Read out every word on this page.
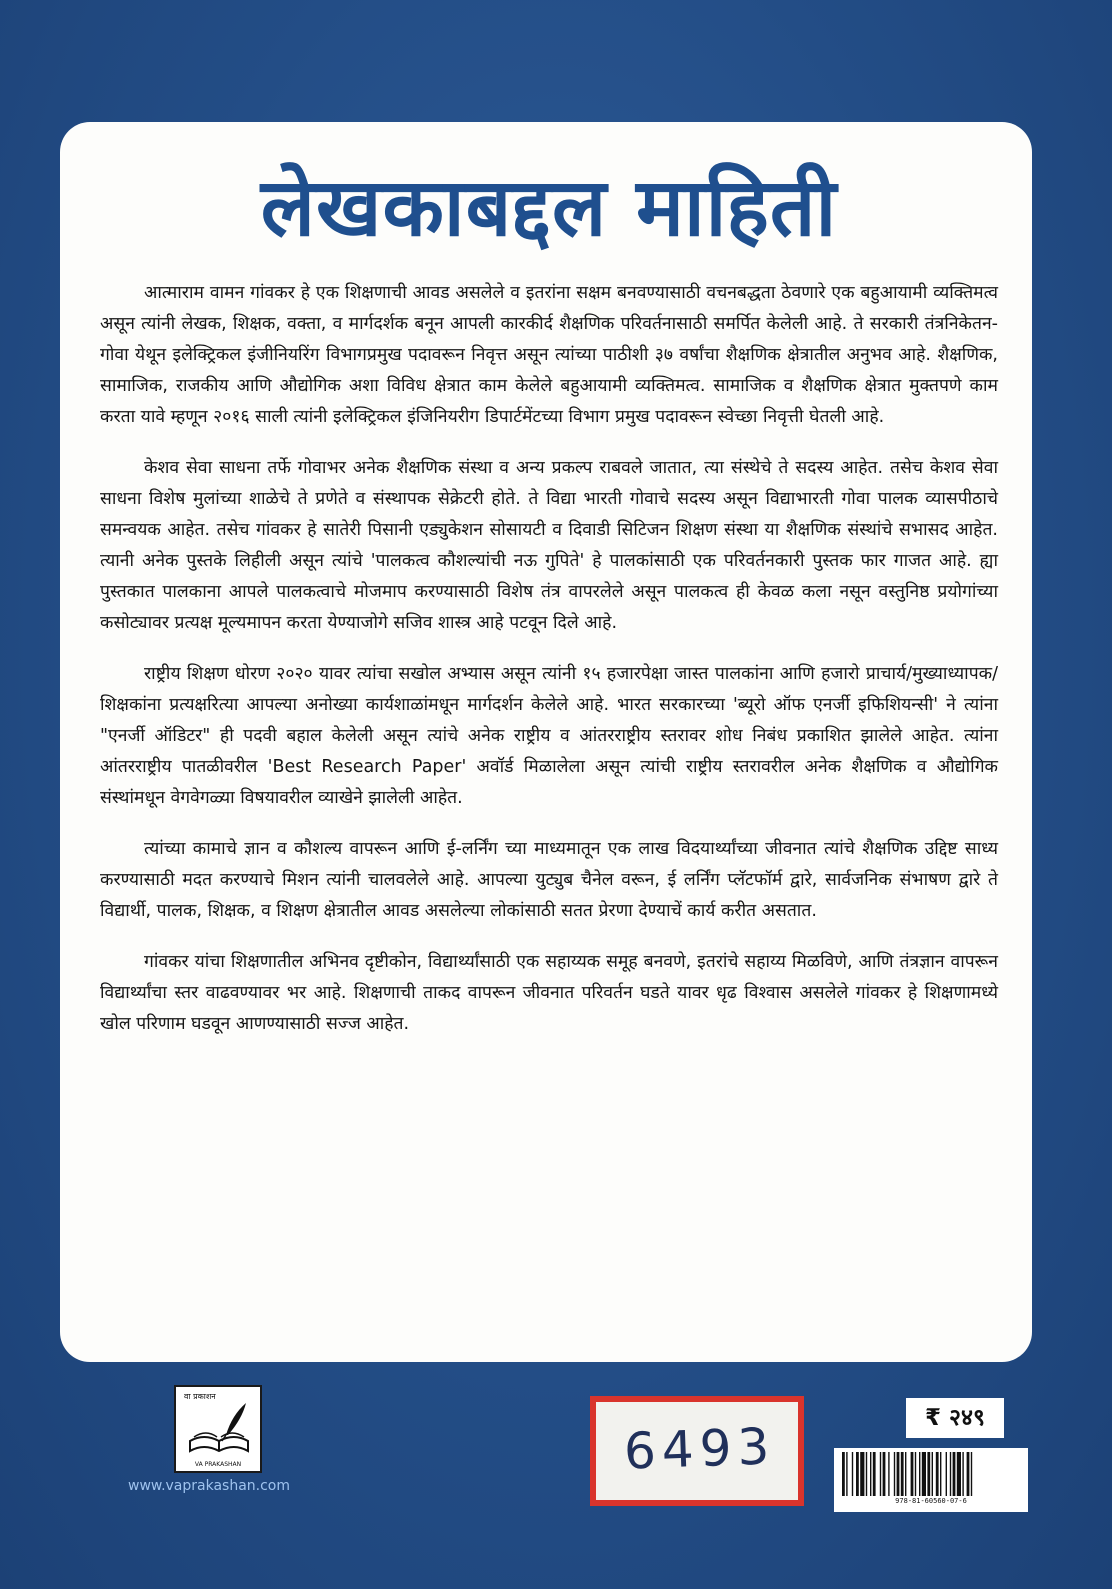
लेखकाबद्दल माहिती

आत्माराम वामन गांवकर हे एक शिक्षणाची आवड असलेले व इतरांना सक्षम बनवण्यासाठी वचनबद्धता ठेवणारे एक बहुआयामी व्यक्तिमत्व असून त्यांनी लेखक, शिक्षक, वक्ता, व मार्गदर्शक बनून आपली कारकीर्द शैक्षणिक परिवर्तनासाठी समर्पित केलेली आहे. ते सरकारी तंत्रनिकेतन-गोवा येथून इलेक्ट्रिकल इंजीनियरिंग विभागप्रमुख पदावरून निवृत्त असून त्यांच्या पाठीशी ३७ वर्षांचा शैक्षणिक क्षेत्रातील अनुभव आहे. शैक्षणिक, सामाजिक, राजकीय आणि औद्योगिक अशा विविध क्षेत्रात काम केलेले बहुआयामी व्यक्तिमत्व. सामाजिक व शैक्षणिक क्षेत्रात मुक्तपणे काम करता यावे म्हणून २०१६ साली त्यांनी इलेक्ट्रिकल इंजिनियरीग डिपार्टमेंटच्या विभाग प्रमुख पदावरून स्वेच्छा निवृत्ती घेतली आहे.

केशव सेवा साधना तर्फे गोवाभर अनेक शैक्षणिक संस्था व अन्य प्रकल्प राबवले जातात, त्या संस्थेचे ते सदस्य आहेत. तसेच केशव सेवा साधना विशेष मुलांच्या शाळेचे ते प्रणेते व संस्थापक सेक्रेटरी होते. ते विद्या भारती गोवाचे सदस्य असून विद्याभारती गोवा पालक व्यासपीठाचे समन्वयक आहेत. तसेच गांवकर हे सातेरी पिसानी एड्युकेशन सोसायटी व दिवाडी सिटिजन शिक्षण संस्था या शैक्षणिक संस्थांचे सभासद आहेत. त्यानी अनेक पुस्तके लिहीली असून त्यांचे 'पालकत्व कौशल्यांची नऊ गुपिते' हे पालकांसाठी एक परिवर्तनकारी पुस्तक फार गाजत आहे. ह्या पुस्तकात पालकाना आपले पालकत्वाचे मोजमाप करण्यासाठी विशेष तंत्र वापरलेले असून पालकत्व ही केवळ कला नसून वस्तुनिष्ठ प्रयोगांच्या कसोट्यावर प्रत्यक्ष मूल्यमापन करता येण्याजोगे सजिव शास्त्र आहे पटवून दिले आहे.

राष्ट्रीय शिक्षण धोरण २०२० यावर त्यांचा सखोल अभ्यास असून त्यांनी १५ हजारपेक्षा जास्त पालकांना आणि हजारो प्राचार्य/मुख्याध्यापक/शिक्षकांना प्रत्यक्षरित्या आपल्या अनोख्या कार्यशाळांमधून मार्गदर्शन केलेले आहे. भारत सरकारच्या 'ब्यूरो ऑफ एनर्जी इफिशियन्सी' ने त्यांना "एनर्जी ऑडिटर" ही पदवी बहाल केलेली असून त्यांचे अनेक राष्ट्रीय व आंतरराष्ट्रीय स्तरावर शोध निबंध प्रकाशित झालेले आहेत. त्यांना आंतरराष्ट्रीय पातळीवरील 'Best Research Paper' अवॉर्ड मिळालेला असून त्यांची राष्ट्रीय स्तरावरील अनेक शैक्षणिक व औद्योगिक संस्थांमधून वेगवेगळ्या विषयावरील व्याखेने झालेली आहेत.

त्यांच्या कामाचे ज्ञान व कौशल्य वापरून आणि ई-लर्निंग च्या माध्यमातून एक लाख विदयार्थ्यांच्या जीवनात त्यांचे शैक्षणिक उद्दिष्ट साध्य करण्यासाठी मदत करण्याचे मिशन त्यांनी चालवलेले आहे. आपल्या युट्युब चैनेल वरून, ई लर्निंग प्लॅटफॉर्म द्वारे, सार्वजनिक संभाषण द्वारे ते विद्यार्थी, पालक, शिक्षक, व शिक्षण क्षेत्रातील आवड असलेल्या लोकांसाठी सतत प्रेरणा देण्याचें कार्य करीत असतात.

गांवकर यांचा शिक्षणातील अभिनव दृष्टीकोन, विद्यार्थ्यांसाठी एक सहाय्यक समूह बनवणे, इतरांचे सहाय्य मिळविणे, आणि तंत्रज्ञान वापरून विद्यार्थ्यांचा स्तर वाढवण्यावर भर आहे. शिक्षणाची ताकद वापरून जीवनात परिवर्तन घडते यावर धृढ विश्वास असलेले गांवकर हे शिक्षणामध्ये खोल परिणाम घडवून आणण्यासाठी सज्ज आहेत.

वा प्रकाशन
VA PRAKASHAN
www.vaprakashan.com
6493	₹ २४९
978-81-60560-07-6
